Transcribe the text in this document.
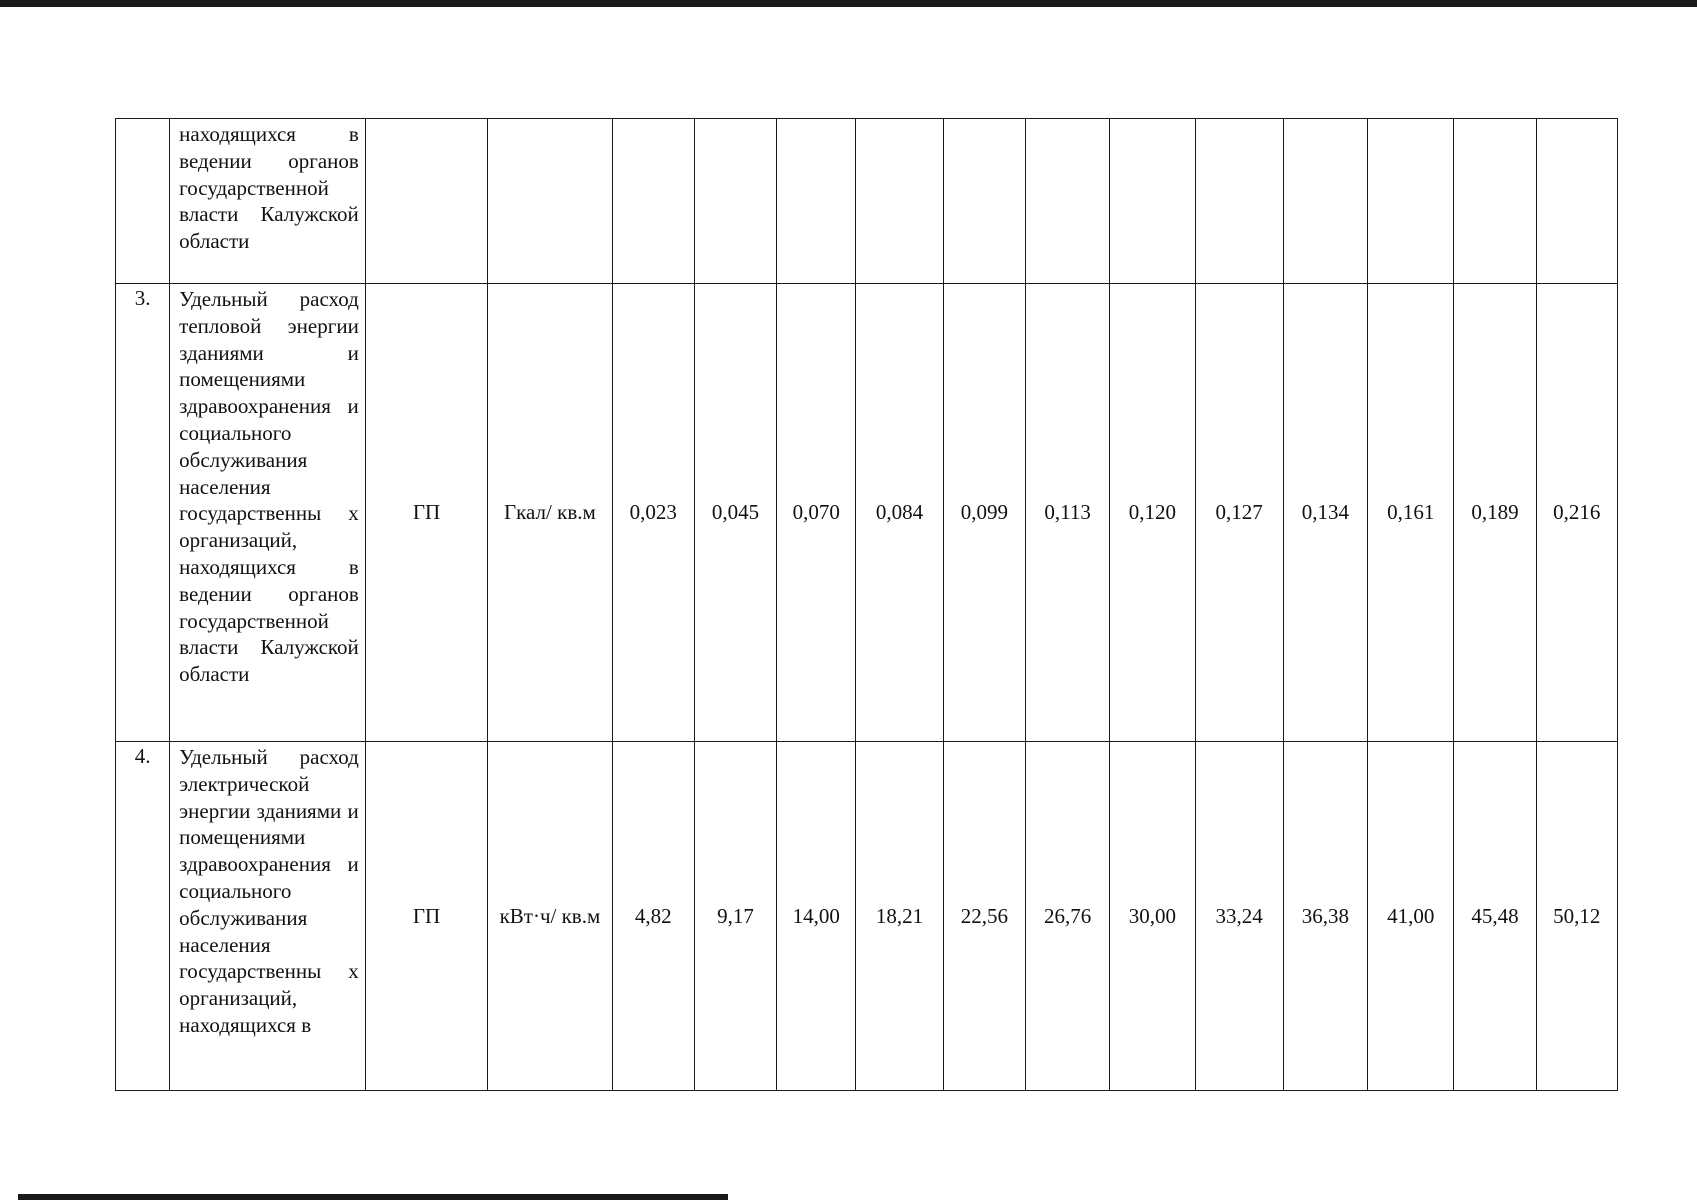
	находящихся в ведении органов государственной власти Калужской области														
3.	Удельный расход тепловой энергии зданиями и помещениями здравоохранения и социального обслуживания населения государственны х организаций, находящихся в ведении органов государственной власти Калужской области	ГП	Гкал/ кв.м	0,023	0,045	0,070	0,084	0,099	0,113	0,120	0,127	0,134	0,161	0,189	0,216
4.	Удельный расход электрической энергии зданиями и помещениями здравоохранения и социального обслуживания населения государственны х организаций, находящихся в	ГП	кВт·ч/ кв.м	4,82	9,17	14,00	18,21	22,56	26,76	30,00	33,24	36,38	41,00	45,48	50,12
